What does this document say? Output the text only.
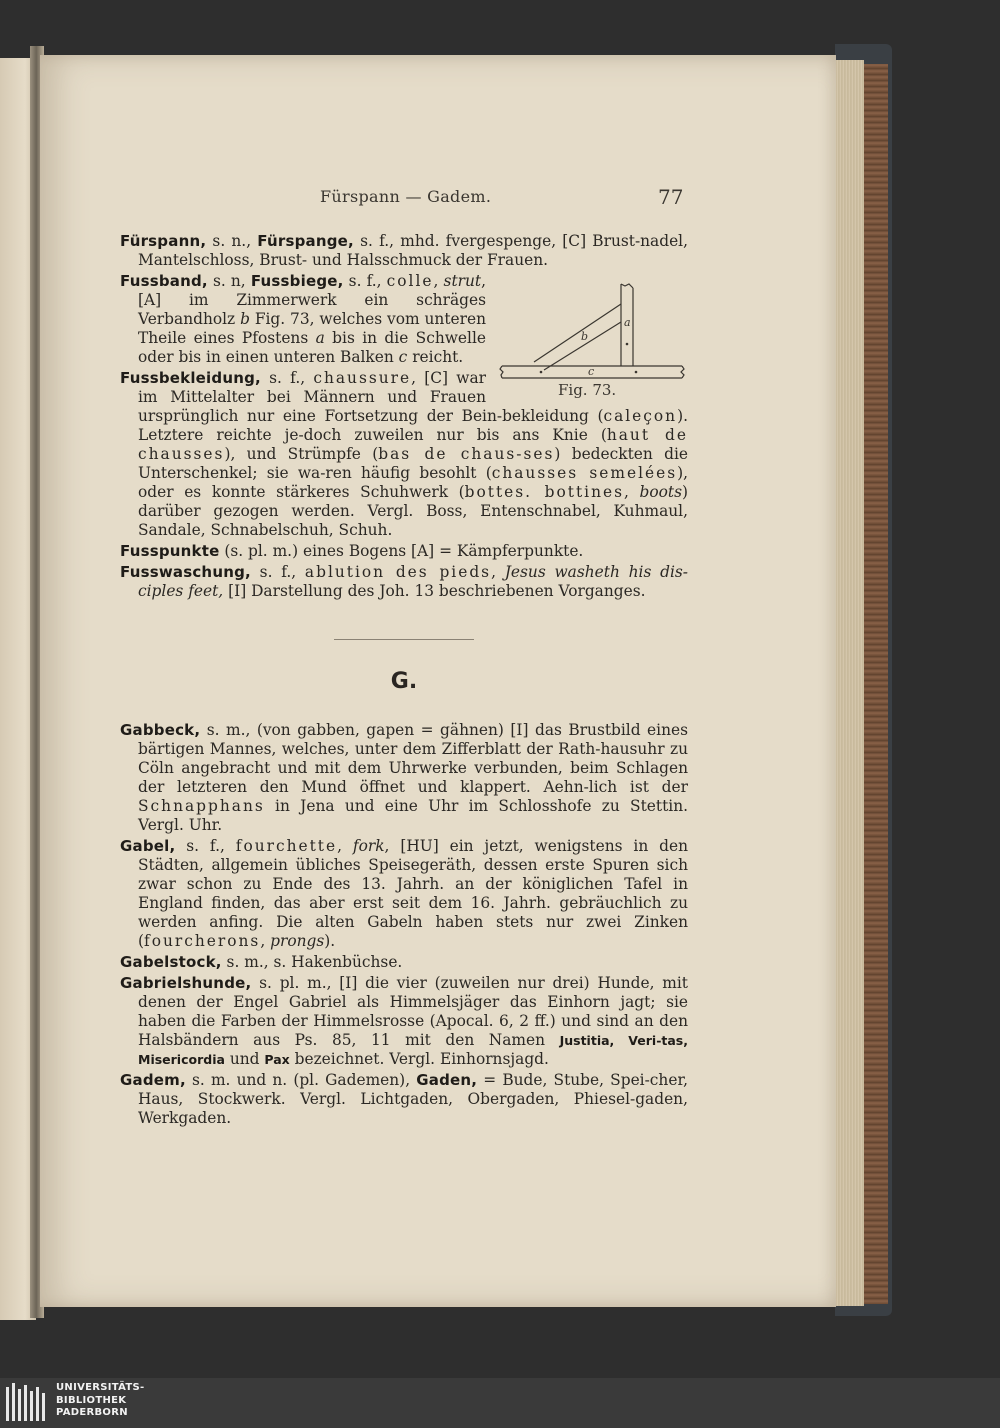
Fürspann — Gadem.	77

Fürspann, s. n., Fürspange, s. f., mhd. fvergespenge, [C] Brust-nadel, Mantelschloss, Brust- und Halsschmuck der Frauen.

a
b
c
Fig. 73.

Fussband, s. n, Fussbiege, s. f., colle, strut, [A] im Zimmerwerk ein schräges Verbandholz b Fig. 73, welches vom unteren Theile eines Pfostens a bis in die Schwelle oder bis in einen unteren Balken c reicht.

Fussbekleidung, s. f., chaussure, [C] war im Mittelalter bei Männern und Frauen ursprünglich nur eine Fortsetzung der Bein-bekleidung (caleçon). Letztere reichte je-doch zuweilen nur bis ans Knie (haut de chausses), und Strümpfe (bas de chaus-ses) bedeckten die Unterschenkel; sie wa-ren häufig besohlt (chausses semelées), oder es konnte stärkeres Schuhwerk (bottes. bottines, boots) darüber gezogen werden. Vergl. Boss, Entenschnabel, Kuhmaul, Sandale, Schnabelschuh, Schuh.

Fusspunkte (s. pl. m.) eines Bogens [A] = Kämpferpunkte.

Fusswaschung, s. f., ablution des pieds, Jesus washeth his dis-ciples feet, [I] Darstellung des Joh. 13 beschriebenen Vorganges.

G.

Gabbeck, s. m., (von gabben, gapen = gähnen) [I] das Brustbild eines bärtigen Mannes, welches, unter dem Zifferblatt der Rath-hausuhr zu Cöln angebracht und mit dem Uhrwerke verbunden, beim Schlagen der letzteren den Mund öffnet und klappert. Aehn-lich ist der Schnapphans in Jena und eine Uhr im Schlosshofe zu Stettin. Vergl. Uhr.

Gabel, s. f., fourchette, fork, [HU] ein jetzt, wenigstens in den Städten, allgemein übliches Speisegeräth, dessen erste Spuren sich zwar schon zu Ende des 13. Jahrh. an der königlichen Tafel in England finden, das aber erst seit dem 16. Jahrh. gebräuchlich zu werden anfing. Die alten Gabeln haben stets nur zwei Zinken (fourcherons, prongs).

Gabelstock, s. m., s. Hakenbüchse.

Gabrielshunde, s. pl. m., [I] die vier (zuweilen nur drei) Hunde, mit denen der Engel Gabriel als Himmelsjäger das Einhorn jagt; sie haben die Farben der Himmelsrosse (Apocal. 6, 2 ff.) und sind an den Halsbändern aus Ps. 85, 11 mit den Namen Justitia, Veri-tas, Misericordia und Pax bezeichnet. Vergl. Einhornsjagd.

Gadem, s. m. und n. (pl. Gademen), Gaden, = Bude, Stube, Spei-cher, Haus, Stockwerk. Vergl. Lichtgaden, Obergaden, Phiesel-gaden, Werkgaden.

UNIVERSITÄTS-
BIBLIOTHEK
PADERBORN
